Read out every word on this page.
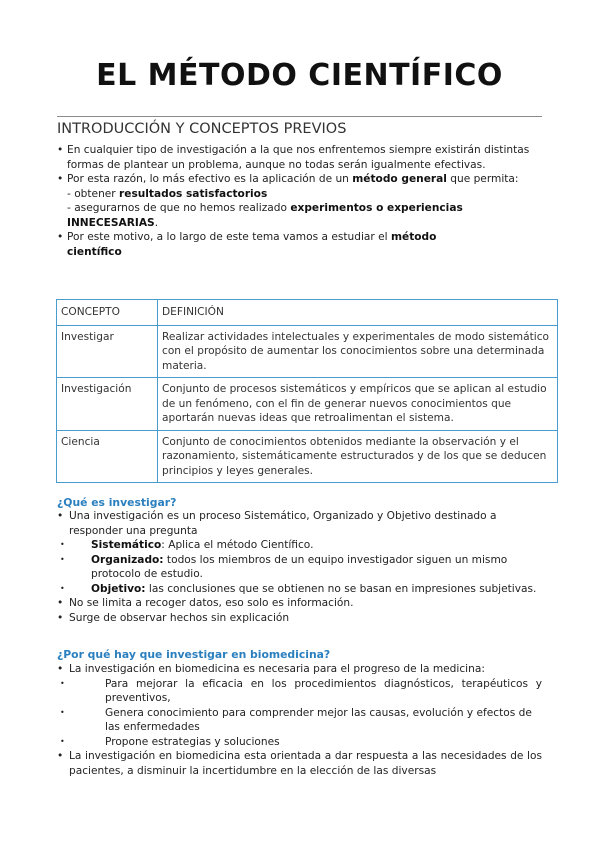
EL MÉTODO CIENTÍFICO
INTRODUCCIÓN Y CONCEPTOS PREVIOS
• En cualquier tipo de investigación a la que nos enfrentemos siempre existirán distintas formas de plantear un problema, aunque no todas serán igualmente efectivas.
• Por esta razón, lo más efectivo es la aplicación de un método general que permita:
- obtener resultados satisfactorios
- asegurarnos de que no hemos realizado experimentos o experiencias INNECESARIAS.
• Por este motivo, a lo largo de este tema vamos a estudiar el método científico
CONCEPTO	DEFINICIÓN
Investigar	Realizar actividades intelectuales y experimentales de modo sistemático con el propósito de aumentar los conocimientos sobre una determinada materia.
Investigación	Conjunto de procesos sistemáticos y empíricos que se aplican al estudio de un fenómeno, con el fin de generar nuevos conocimientos que aportarán nuevas ideas que retroalimentan el sistema.
Ciencia	Conjunto de conocimientos obtenidos mediante la observación y el razonamiento, sistemáticamente estructurados y de los que se deducen principios y leyes generales.
¿Qué es investigar?
• Una investigación es un proceso Sistemático, Organizado y Objetivo destinado a responder una pregunta
• Sistemático: Aplica el método Científico.
• Organizado: todos los miembros de un equipo investigador siguen un mismo protocolo de estudio.
• Objetivo: las conclusiones que se obtienen no se basan en impresiones subjetivas.
• No se limita a recoger datos, eso solo es información.
• Surge de observar hechos sin explicación
¿Por qué hay que investigar en biomedicina?
• La investigación en biomedicina es necesaria para el progreso de la medicina:
• Para mejorar la eficacia en los procedimientos diagnósticos, terapéuticos y preventivos,
• Genera conocimiento para comprender mejor las causas, evolución y efectos de las enfermedades
• Propone estrategias y soluciones
• La investigación en biomedicina esta orientada a dar respuesta a las necesidades de los pacientes, a disminuir la incertidumbre en la elección de las diversas
